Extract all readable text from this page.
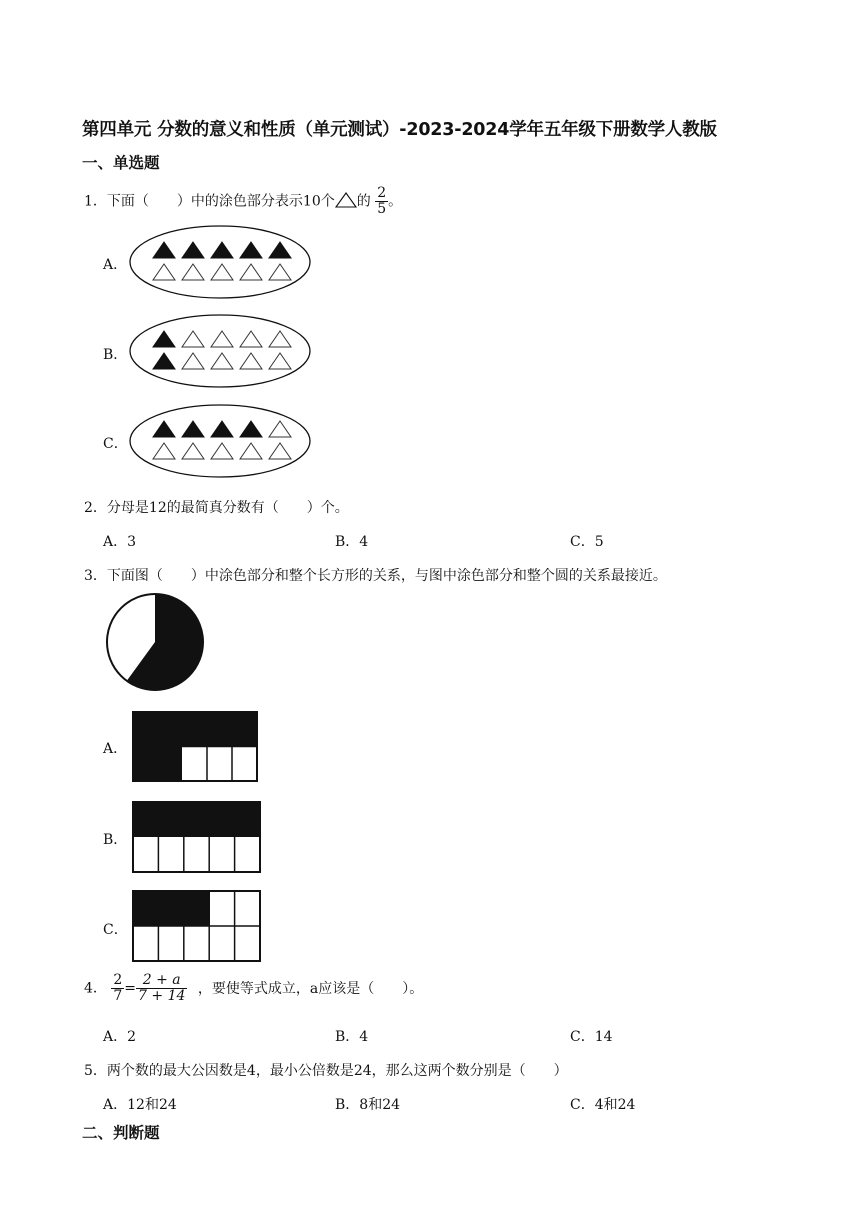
第四单元 分数的意义和性质（单元测试）-2023-2024学年五年级下册数学人教版
一、单选题
1．下面（　　）中的涂色部分表示10个 的 $\frac{2}{5}$ 。
A．
B．
C．
2．分母是12的最简真分数有（　　）个。
A．3	B．4	C．5
3．下面图（　　）中涂色部分和整个长方形的关系，与图中涂色部分和整个圆的关系最接近。
A．
B．
C．
4． $\frac{2}{7} = \frac{2 + a}{7 + 14}$ ，要使等式成立，a应该是（　　）。
A．2	B．4	C．14
5．两个数的最大公因数是4，最小公倍数是24，那么这两个数分别是（　　）
A．12和24	B．8和24	C．4和24
二、判断题
